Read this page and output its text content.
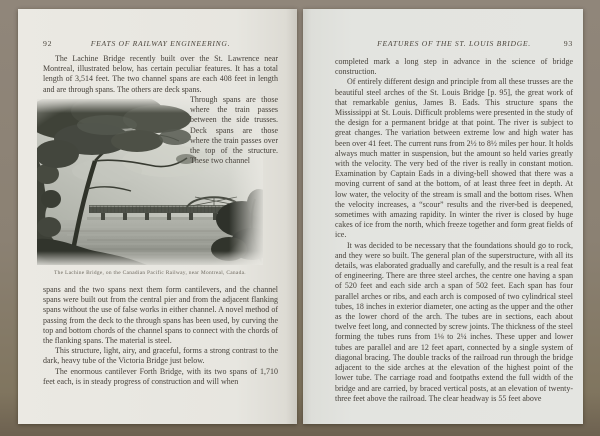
92	FEATS OF RAILWAY ENGINEERING.

The Lachine Bridge recently built over the St. Lawrence near Montreal, illustrated below, has certain peculiar features. It has a total length of 3,514 feet. The two channel spans are each 408 feet in length and are through spans. The others are deck spans.

Through spans are those where the train passes between the side trusses. Deck spans are those where the train passes over the top of the structure. These two channel

The Lachine Bridge, on the Canadian Pacific Railway, near Montreal, Canada.

spans and the two spans next them form cantilevers, and the channel spans were built out from the central pier and from the adjacent flanking spans without the use of false works in either channel. A novel method of passing from the deck to the through spans has been used, by curving the top and bottom chords of the channel spans to connect with the chords of the flanking spans. The material is steel.

This structure, light, airy, and graceful, forms a strong contrast to the dark, heavy tube of the Victoria Bridge just below.

The enormous cantilever Forth Bridge, with its two spans of 1,710 feet each, is in steady progress of construction and will when

FEATURES OF THE ST. LOUIS BRIDGE.	93

completed mark a long step in advance in the science of bridge construction.

Of entirely different design and principle from all these trusses are the beautiful steel arches of the St. Louis Bridge [p. 95], the great work of that remarkable genius, James B. Eads. This structure spans the Mississippi at St. Louis. Difficult problems were presented in the study of the design for a permanent bridge at that point. The river is subject to great changes. The variation between extreme low and high water has been over 41 feet. The current runs from 2½ to 8½ miles per hour. It holds always much matter in suspension, but the amount so held varies greatly with the velocity. The very bed of the river is really in constant motion. Examination by Captain Eads in a diving-bell showed that there was a moving current of sand at the bottom, of at least three feet in depth. At low water, the velocity of the stream is small and the bottom rises. When the velocity increases, a “scour” results and the river-bed is deepened, sometimes with amazing rapidity. In winter the river is closed by huge cakes of ice from the north, which freeze together and form great fields of ice.

It was decided to be necessary that the foundations should go to rock, and they were so built. The general plan of the superstructure, with all its details, was elaborated gradually and carefully, and the result is a real feat of engineering. There are three steel arches, the centre one having a span of 520 feet and each side arch a span of 502 feet. Each span has four parallel arches or ribs, and each arch is composed of two cylindrical steel tubes, 18 inches in exterior diameter, one acting as the upper and the other as the lower chord of the arch. The tubes are in sections, each about twelve feet long, and connected by screw joints. The thickness of the steel forming the tubes runs from 1⅛ to 2¼ inches. These upper and lower tubes are parallel and are 12 feet apart, connected by a single system of diagonal bracing. The double tracks of the railroad run through the bridge adjacent to the side arches at the elevation of the highest point of the lower tube. The carriage road and footpaths extend the full width of the bridge and are carried, by braced vertical posts, at an elevation of twenty-three feet above the railroad. The clear headway is 55 feet above
